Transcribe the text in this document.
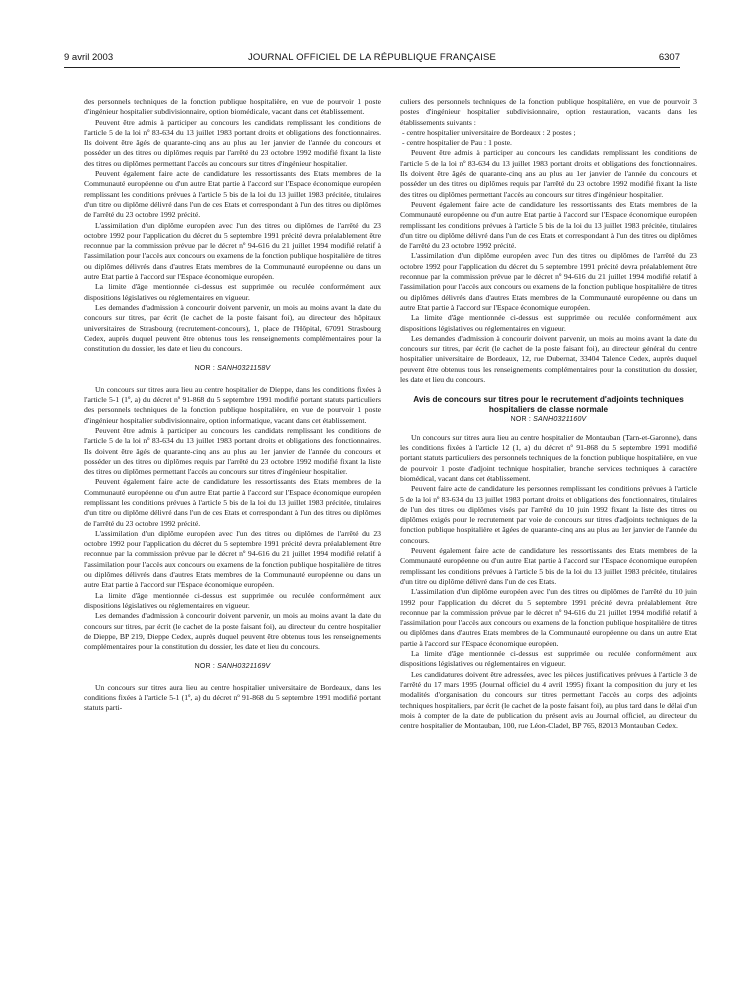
9 avril 2003	JOURNAL OFFICIEL DE LA RÉPUBLIQUE FRANÇAISE	6307

des personnels techniques de la fonction publique hospitalière, en vue de pourvoir 1 poste d'ingénieur hospitalier subdivisionnaire, option biomédicale, vacant dans cet établissement.

Peuvent être admis à participer au concours les candidats remplissant les conditions de l'article 5 de la loi nº 83-634 du 13 juillet 1983 portant droits et obligations des fonctionnaires. Ils doivent être âgés de quarante-cinq ans au plus au 1er janvier de l'année du concours et posséder un des titres ou diplômes requis par l'arrêté du 23 octobre 1992 modifié fixant la liste des titres ou diplômes permettant l'accès au concours sur titres d'ingénieur hospitalier.

Peuvent également faire acte de candidature les ressortissants des Etats membres de la Communauté européenne ou d'un autre Etat partie à l'accord sur l'Espace économique européen remplissant les conditions prévues à l'article 5 bis de la loi du 13 juillet 1983 précitée, titulaires d'un titre ou diplôme délivré dans l'un de ces Etats et correspondant à l'un des titres ou diplômes de l'arrêté du 23 octobre 1992 précité.

L'assimilation d'un diplôme européen avec l'un des titres ou diplômes de l'arrêté du 23 octobre 1992 pour l'application du décret du 5 septembre 1991 précité devra préalablement être reconnue par la commission prévue par le décret nº 94-616 du 21 juillet 1994 modifié relatif à l'assimilation pour l'accès aux concours ou examens de la fonction publique hospitalière de titres ou diplômes délivrés dans d'autres Etats membres de la Communauté européenne ou dans un autre Etat partie à l'accord sur l'Espace économique européen.

La limite d'âge mentionnée ci-dessus est supprimée ou reculée conformément aux dispositions législatives ou réglementaires en vigueur.

Les demandes d'admission à concourir doivent parvenir, un mois au moins avant la date du concours sur titres, par écrit (le cachet de la poste faisant foi), au directeur des hôpitaux universitaires de Strasbourg (recrutement-concours), 1, place de l'Hôpital, 67091 Strasbourg Cedex, auprès duquel peuvent être obtenus tous les renseignements complémentaires pour la constitution du dossier, les date et lieu du concours.

NOR : SANH0321158V

Un concours sur titres aura lieu au centre hospitalier de Dieppe, dans les conditions fixées à l'article 5-1 (1º, a) du décret nº 91-868 du 5 septembre 1991 modifié portant statuts particuliers des personnels techniques de la fonction publique hospitalière, en vue de pourvoir 1 poste d'ingénieur hospitalier subdivisionnaire, option informatique, vacant dans cet établissement.

Peuvent être admis à participer au concours les candidats remplissant les conditions de l'article 5 de la loi nº 83-634 du 13 juillet 1983 portant droits et obligations des fonctionnaires. Ils doivent être âgés de quarante-cinq ans au plus au 1er janvier de l'année du concours et posséder un des titres ou diplômes requis par l'arrêté du 23 octobre 1992 modifié fixant la liste des titres ou diplômes permettant l'accès au concours sur titres d'ingénieur hospitalier.

Peuvent également faire acte de candidature les ressortissants des Etats membres de la Communauté européenne ou d'un autre Etat partie à l'accord sur l'Espace économique européen remplissant les conditions prévues à l'article 5 bis de la loi du 13 juillet 1983 précitée, titulaires d'un titre ou diplôme délivré dans l'un de ces Etats et correspondant à l'un des titres ou diplômes de l'arrêté du 23 octobre 1992 précité.

L'assimilation d'un diplôme européen avec l'un des titres ou diplômes de l'arrêté du 23 octobre 1992 pour l'application du décret du 5 septembre 1991 précité devra préalablement être reconnue par la commission prévue par le décret nº 94-616 du 21 juillet 1994 modifié relatif à l'assimilation pour l'accès aux concours ou examens de la fonction publique hospitalière de titres ou diplômes délivrés dans d'autres Etats membres de la Communauté européenne ou dans un autre Etat partie à l'accord sur l'Espace économique européen.

La limite d'âge mentionnée ci-dessus est supprimée ou reculée conformément aux dispositions législatives ou réglementaires en vigueur.

Les demandes d'admission à concourir doivent parvenir, un mois au moins avant la date du concours sur titres, par écrit (le cachet de la poste faisant foi), au directeur du centre hospitalier de Dieppe, BP 219, Dieppe Cedex, auprès duquel peuvent être obtenus tous les renseignements complémentaires pour la constitution du dossier, les date et lieu du concours.

NOR : SANH0321169V

Un concours sur titres aura lieu au centre hospitalier universitaire de Bordeaux, dans les conditions fixées à l'article 5-1 (1º, a) du décret nº 91-868 du 5 septembre 1991 modifié portant statuts parti-

culiers des personnels techniques de la fonction publique hospitalière, en vue de pourvoir 3 postes d'ingénieur hospitalier subdivisionnaire, option restauration, vacants dans les établissements suivants :

- centre hospitalier universitaire de Bordeaux : 2 postes ;

- centre hospitalier de Pau : 1 poste.

Peuvent être admis à participer au concours les candidats remplissant les conditions de l'article 5 de la loi nº 83-634 du 13 juillet 1983 portant droits et obligations des fonctionnaires. Ils doivent être âgés de quarante-cinq ans au plus au 1er janvier de l'année du concours et posséder un des titres ou diplômes requis par l'arrêté du 23 octobre 1992 modifié fixant la liste des titres ou diplômes permettant l'accès au concours sur titres d'ingénieur hospitalier.

Peuvent également faire acte de candidature les ressortissants des Etats membres de la Communauté européenne ou d'un autre Etat partie à l'accord sur l'Espace économique européen remplissant les conditions prévues à l'article 5 bis de la loi du 13 juillet 1983 précitée, titulaires d'un titre ou diplôme délivré dans l'un de ces Etats et correspondant à l'un des titres ou diplômes de l'arrêté du 23 octobre 1992 précité.

L'assimilation d'un diplôme européen avec l'un des titres ou diplômes de l'arrêté du 23 octobre 1992 pour l'application du décret du 5 septembre 1991 précité devra préalablement être reconnue par la commission prévue par le décret nº 94-616 du 21 juillet 1994 modifié relatif à l'assimilation pour l'accès aux concours ou examens de la fonction publique hospitalière de titres ou diplômes délivrés dans d'autres Etats membres de la Communauté européenne ou dans un autre Etat partie à l'accord sur l'Espace économique européen.

La limite d'âge mentionnée ci-dessus est supprimée ou reculée conformément aux dispositions législatives ou réglementaires en vigueur.

Les demandes d'admission à concourir doivent parvenir, un mois au moins avant la date du concours sur titres, par écrit (le cachet de la poste faisant foi), au directeur général du centre hospitalier universitaire de Bordeaux, 12, rue Dubernat, 33404 Talence Cedex, auprès duquel peuvent être obtenus tous les renseignements complémentaires pour la constitution du dossier, les date et lieu du concours.

Avis de concours sur titres pour le recrutement d'adjoints techniques hospitaliers de classe normale

NOR : SANH0321160V

Un concours sur titres aura lieu au centre hospitalier de Montauban (Tarn-et-Garonne), dans les conditions fixées à l'article 12 (1, a) du décret nº 91-868 du 5 septembre 1991 modifié portant statuts particuliers des personnels techniques de la fonction publique hospitalière, en vue de pourvoir 1 poste d'adjoint technique hospitalier, branche services techniques à caractère biomédical, vacant dans cet établissement.

Peuvent faire acte de candidature les personnes remplissant les conditions prévues à l'article 5 de la loi nº 83-634 du 13 juillet 1983 portant droits et obligations des fonctionnaires, titulaires de l'un des titres ou diplômes visés par l'arrêté du 10 juin 1992 fixant la liste des titres ou diplômes exigés pour le recrutement par voie de concours sur titres d'adjoints techniques de la fonction publique hospitalière et âgées de quarante-cinq ans au plus au 1er janvier de l'année du concours.

Peuvent également faire acte de candidature les ressortissants des Etats membres de la Communauté européenne ou d'un autre Etat partie à l'accord sur l'Espace économique européen remplissant les conditions prévues à l'article 5 bis de la loi du 13 juillet 1983 précitée, titulaires d'un titre ou diplôme délivré dans l'un de ces Etats.

L'assimilation d'un diplôme européen avec l'un des titres ou diplômes de l'arrêté du 10 juin 1992 pour l'application du décret du 5 septembre 1991 précité devra préalablement être reconnue par la commission prévue par le décret nº 94-616 du 21 juillet 1994 modifié relatif à l'assimilation pour l'accès aux concours ou examens de la fonction publique hospitalière de titres ou diplômes dans d'autres Etats membres de la Communauté européenne ou dans un autre Etat partie à l'accord sur l'Espace économique européen.

La limite d'âge mentionnée ci-dessus est supprimée ou reculée conformément aux dispositions législatives ou réglementaires en vigueur.

Les candidatures doivent être adressées, avec les pièces justificatives prévues à l'article 3 de l'arrêté du 17 mars 1995 (Journal officiel du 4 avril 1995) fixant la composition du jury et les modalités d'organisation du concours sur titres permettant l'accès au corps des adjoints techniques hospitaliers, par écrit (le cachet de la poste faisant foi), au plus tard dans le délai d'un mois à compter de la date de publication du présent avis au Journal officiel, au directeur du centre hospitalier de Montauban, 100, rue Léon-Cladel, BP 765, 82013 Montauban Cedex.
